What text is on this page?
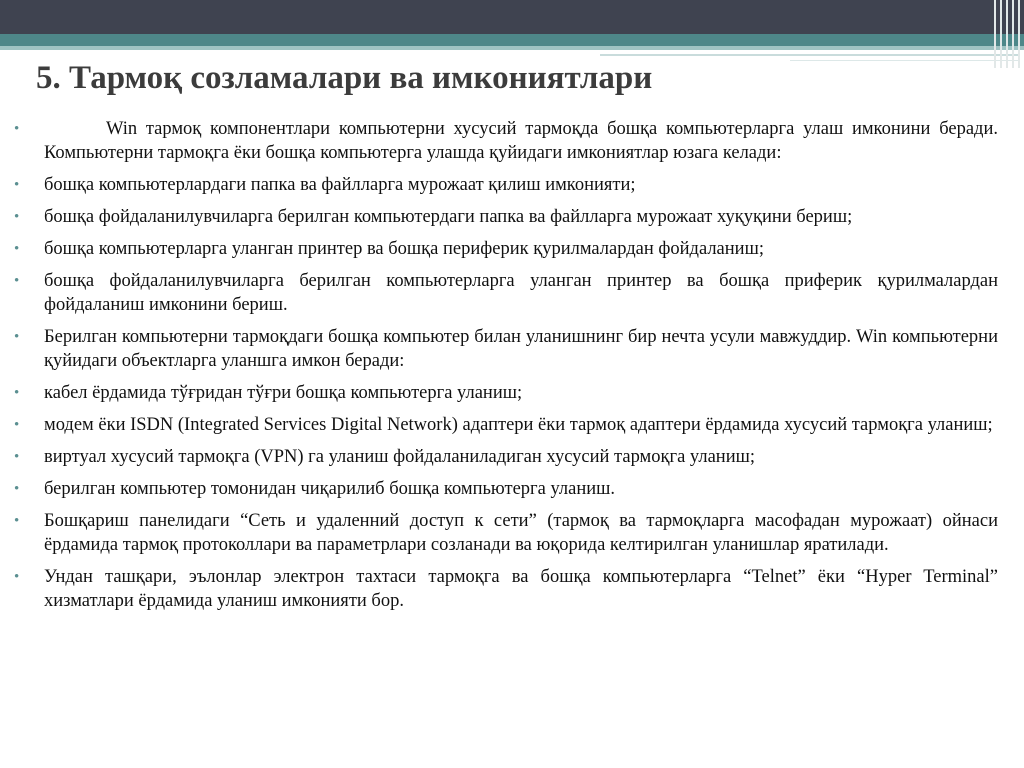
5. Тармоқ созламалари ва имкониятлари
•	Win тармоқ компонентлари компьютерни хусусий тармоқда бошқа компьютерларга улаш имконини беради. Компьютерни тармоқга ёки бошқа компьютерга улашда қуйидаги имкониятлар юзага келади:
•	бошқа компьютерлардаги папка ва файлларга мурожаат қилиш имконияти;
•	бошқа фойдаланилувчиларга берилган компьютердаги папка ва файлларга мурожаат хуқуқини бериш;
•	бошқа компьютерларга уланган принтер ва бошқа периферик қурилмалардан фойдаланиш;
•	бошқа фойдаланилувчиларга берилган компьютерларга уланган принтер ва бошқа приферик қурилмалардан фойдаланиш имконини бериш.
•	Берилган компьютерни тармоқдаги бошқа компьютер билан уланишнинг бир нечта усули мавжуддир. Win компьютерни қуйидаги объектларга уланшга имкон беради:
•	кабел ёрдамида тўғридан тўғри бошқа компьютерга уланиш;
•	модем ёки ISDN (Integrated Services Digital Network) адаптери ёки тармоқ адаптери ёрдамида хусусий тармоқга уланиш;
•	виртуал хусусий тармоқга (VPN) га уланиш фойдаланиладиган хусусий тармоқга уланиш;
•	берилган компьютер томонидан чиқарилиб бошқа компьютерга уланиш.
•	Бошқариш панелидаги “Сеть и удаленний доступ к сети” (тармоқ ва тармоқларга масофадан мурожаат) ойнаси ёрдамида тармоқ протоколлари ва параметрлари созланади ва юқорида келтирилган уланишлар яратилади.
•	Ундан ташқари, эълонлар электрон тахтаси тармоқга ва бошқа компьютерларга “Telnet” ёки “Hyper Terminal” хизматлари ёрдамида уланиш имконияти бор.
